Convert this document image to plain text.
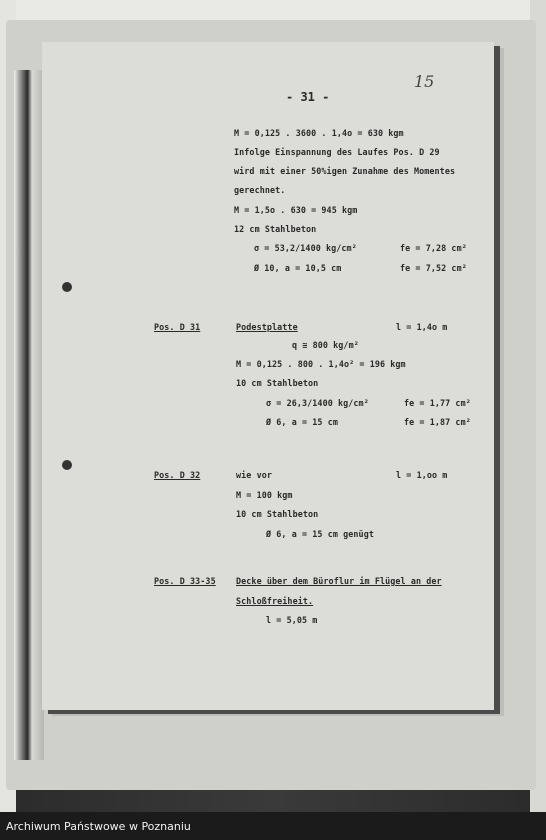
- 31 -
15
M = 0,125 . 3600 . 1,4o = 630 kgm
Infolge Einspannung des Laufes Pos. D 29
wird mit einer 50%igen Zunahme des Momentes
gerechnet.
M = 1,5o . 630 = 945 kgm
12 cm Stahlbeton
σ = 53,2/1400 kg/cm²	fe = 7,28 cm²
Ø 10, a = 10,5 cm	fe = 7,52 cm²
Pos. D 31	Podestplatte	l = 1,4o m
q ≅ 800 kg/m²
M = 0,125 . 800 . 1,4o² = 196 kgm
10 cm Stahlbeton
σ = 26,3/1400 kg/cm²	fe = 1,77 cm²
Ø 6, a = 15 cm	fe = 1,87 cm²
Pos. D 32	wie vor	l = 1,oo m
M = 100 kgm
10 cm Stahlbeton
Ø 6, a = 15 cm genügt
Pos. D 33-35 Decke über dem Büroflur im Flügel an der
Schloßfreiheit.
l = 5,05 m
Archiwum Państwowe w Poznaniu
